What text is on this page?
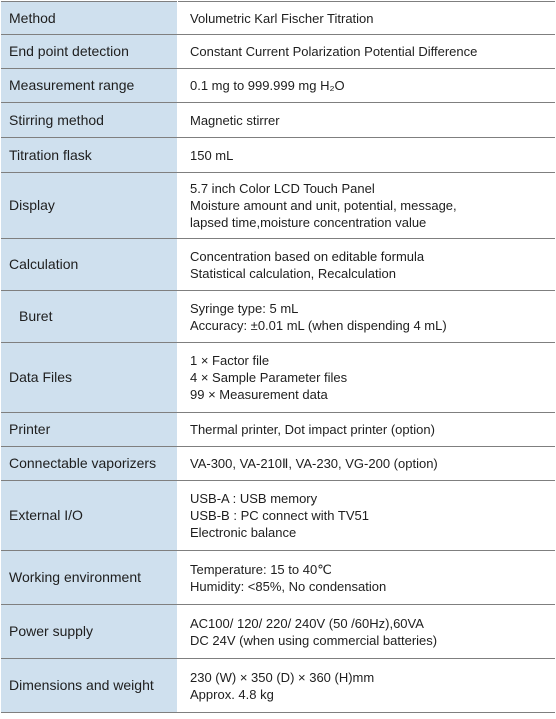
Method	Volumetric Karl Fischer Titration

End point detection	Constant Current Polarization Potential Difference

Measurement range	0.1 mg to 999.999 mg H₂O

Stirring method	Magnetic stirrer

Titration flask	150 mL

Display	5.7 inch Color LCD Touch Panel
Moisture amount and unit, potential, message,
lapsed time,moisture concentration value

Calculation	Concentration based on editable formula
Statistical calculation, Recalculation

Buret	Syringe type: 5 mL
Accuracy: ±0.01 mL (when dispending 4 mL)

Data Files	1 × Factor file
4 × Sample Parameter files
99 × Measurement data

Printer	Thermal printer, Dot impact printer (option)

Connectable vaporizers	VA-300, VA-210Ⅱ, VA-230, VG-200 (option)

External I/O	USB-A : USB memory
USB-B : PC connect with TV51
Electronic balance

Working environment	Temperature: 15 to 40℃
Humidity: <85%, No condensation

Power supply	AC100/ 120/ 220/ 240V (50 /60Hz),60VA
DC 24V (when using commercial batteries)

Dimensions and weight	230 (W) × 350 (D) × 360 (H)mm
Approx. 4.8 kg
